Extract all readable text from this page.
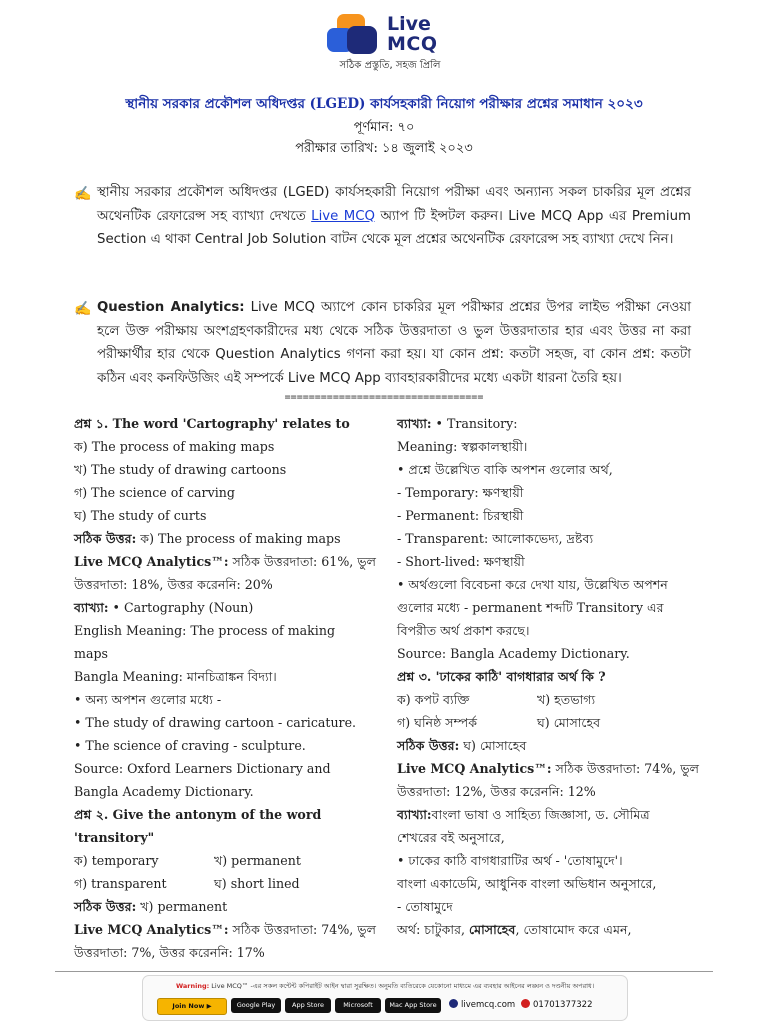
Live
MCQ
সঠিক প্রস্তুতি, সহজ প্রিলি
স্থানীয় সরকার প্রকৌশল অধিদপ্তর (LGED) কার্যসহকারী নিয়োগ পরীক্ষার প্রশ্নের সমাধান ২০২৩
পূর্ণমান: ৭০
পরীক্ষার তারিখ: ১৪ জুলাই ২০২৩
✍ স্থানীয় সরকার প্রকৌশল অধিদপ্তর (LGED) কার্যসহকারী নিয়োগ পরীক্ষা এবং অন্যান্য সকল চাকরির মূল প্রশ্নের অথেনটিক রেফারেন্স সহ ব্যাখ্যা দেখতে Live MCQ অ্যাপ টি ইন্সটল করুন। Live MCQ App এর Premium Section এ থাকা Central Job Solution বাটন থেকে মূল প্রশ্নের অথেনটিক রেফারেন্স সহ ব্যাখ্যা দেখে নিন।
✍ Question Analytics: Live MCQ অ্যাপে কোন চাকরির মূল পরীক্ষার প্রশ্নের উপর লাইভ পরীক্ষা নেওয়া হলে উক্ত পরীক্ষায় অংশগ্রহণকারীদের মধ্য থেকে সঠিক উত্তরদাতা ও ভুল উত্তরদাতার হার এবং উত্তর না করা পরীক্ষার্থীর হার থেকে Question Analytics গণনা করা হয়। যা কোন প্রশ্ন: কতটা সহজ, বা কোন প্রশ্ন: কতটা কঠিন এবং কনফিউজিং এই সম্পর্কে Live MCQ App ব্যাবহারকারীদের মধ্যে একটা ধারনা তৈরি হয়।
=================================
প্রশ্ন ১. The word 'Cartography' relates to
ক) The process of making maps
খ) The study of drawing cartoons
গ) The science of carving
ঘ) The study of curts
সঠিক উত্তর: ক) The process of making maps
Live MCQ Analytics™: সঠিক উত্তরদাতা: 61%, ভুল
উত্তরদাতা: 18%, উত্তর করেননি: 20%
ব্যাখ্যা: • Cartography (Noun)
English Meaning: The process of making
maps
Bangla Meaning: মানচিত্রাঙ্কন বিদ্যা।
• অন্য অপশন গুলোর মধ্যে -
• The study of drawing cartoon - caricature.
• The science of craving - sculpture.
Source: Oxford Learners Dictionary and
Bangla Academy Dictionary.
প্রশ্ন ২. Give the antonym of the word
'transitory"
ক) temporary	খ) permanent
গ) transparent	ঘ) short lined
সঠিক উত্তর: খ) permanent
Live MCQ Analytics™: সঠিক উত্তরদাতা: 74%, ভুল
উত্তরদাতা: 7%, উত্তর করেননি: 17%
ব্যাখ্যা: • Transitory:
Meaning: স্বল্পকালস্থায়ী।
• প্রশ্নে উল্লেখিত বাকি অপশন গুলোর অর্থ,
- Temporary: ক্ষণস্থায়ী
- Permanent: চিরস্থায়ী
- Transparent: আলোকভেদ্য, দ্রষ্টব্য
- Short-lived: ক্ষণস্থায়ী
• অর্থগুলো বিবেচনা করে দেখা যায়, উল্লেখিত অপশন
গুলোর মধ্যে - permanent শব্দটি Transitory এর
বিপরীত অর্থ প্রকাশ করছে।
Source: Bangla Academy Dictionary.
প্রশ্ন ৩. 'ঢাকের কাঠি' বাগধারার অর্থ কি ?
ক) কপট ব্যক্তি	খ) হতভাগ্য
গ) ঘনিষ্ঠ সম্পর্ক	ঘ) মোসাহেব
সঠিক উত্তর: ঘ) মোসাহেব
Live MCQ Analytics™: সঠিক উত্তরদাতা: 74%, ভুল
উত্তরদাতা: 12%, উত্তর করেননি: 12%
ব্যাখ্যা:বাংলা ভাষা ও সাহিত্য জিজ্ঞাসা, ড. সৌমিত্র
শেখরের বই অনুসারে,
• ঢাকের কাঠি বাগধারাটির অর্থ - 'তোষামুদে'।
বাংলা একাডেমি, আধুনিক বাংলা অভিধান অনুসারে,
- তোষামুদে
অর্থ: চাটুকার, মোসাহেব, তোষামোদ করে এমন,
Warning: Live MCQ™ -এর সকল কন্টেন্ট কপিরাইট আইন দ্বারা সুরক্ষিত। অনুমতি ব্যতিরেকে যেকোনো মাধ্যমে এর ব্যবহার আইনের লঙ্ঘন ও দণ্ডনীয় অপরাধ।
Join Now ▶	Google Play	App Store	Microsoft	Mac App Store	livemcq.com	01701377322
